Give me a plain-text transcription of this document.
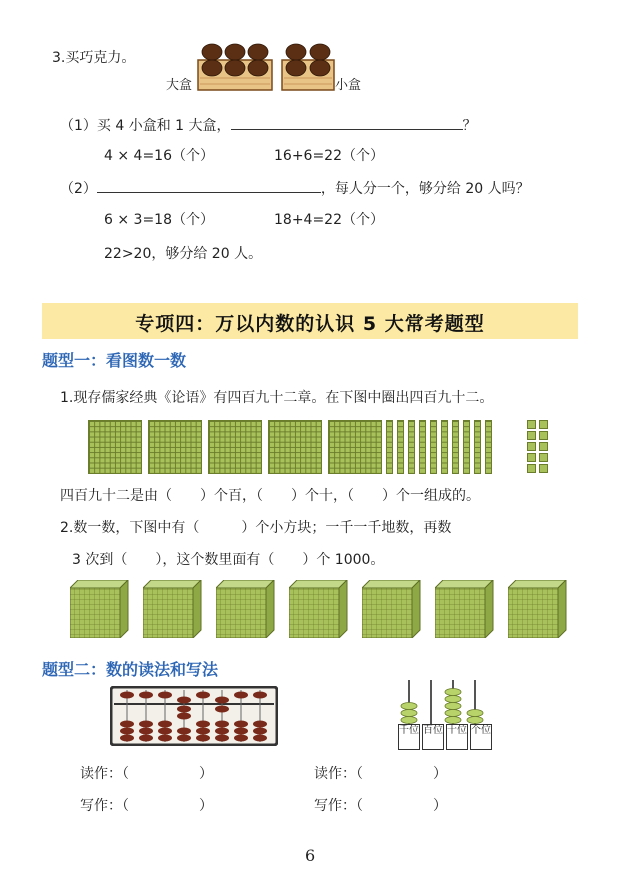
3.买巧克力。
大盒	小盒
（1）买 4 小盒和 1 大盒，	？
4 × 4=16（个）	16+6=22（个）
（2）	，每人分一个，够分给 20 人吗？
6 × 3=18（个）	18+4=22（个）
22>20，够分给 20 人。
专项四：万以内数的认识 5 大常考题型
题型一：看图数一数
1.现存儒家经典《论语》有四百九十二章。在下图中圈出四百九十二。
四百九十二是由（　　）个百，（　　）个十，（　　）个一组成的。
2.数一数，下图中有（　　　）个小方块；一千一千地数，再数
3 次到（　　），这个数里面有（　　）个 1000。
题型二：数的读法和写法
千位 百位 十位 个位
读作：（　　　　　）
写作：（　　　　　）
读作：（　　　　　）
写作：（　　　　　）
6
